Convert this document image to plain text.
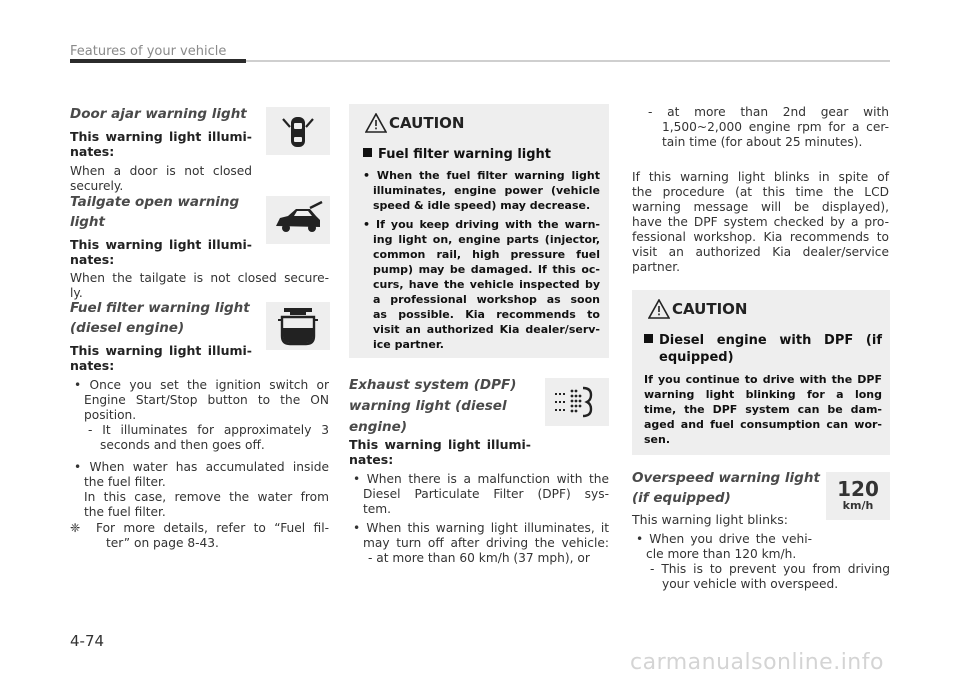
Features of your vehicle
Door ajar warning light
This warning light illumi-
nates:
When a door is not closed
securely.
Tailgate open warning
light
This warning light illumi-
nates:
When the tailgate is not closed secure-
ly.
Fuel filter warning light
(diesel engine)
This warning light illumi-
nates:
• Once you set the ignition switch or
Engine Start/Stop button to the ON
position.
- It illuminates for approximately 3
seconds and then goes off.
• When water has accumulated inside
the fuel filter.
In this case, remove the water from
the fuel filter.
❈ For more details, refer to “Fuel fil-
ter” on page 8-43.
CAUTION
Fuel filter warning light
• When the fuel filter warning light
illuminates, engine power (vehicle
speed & idle speed) may decrease.
• If you keep driving with the warn-
ing light on, engine parts (injector,
common rail, high pressure fuel
pump) may be damaged. If this oc-
curs, have the vehicle inspected by
a professional workshop as soon
as possible. Kia recommends to
visit an authorized Kia dealer/serv-
ice partner.
Exhaust system (DPF)
warning light (diesel
engine)
This warning light illumi-
nates:
• When there is a malfunction with the
Diesel Particulate Filter (DPF) sys-
tem.
• When this warning light illuminates, it
may turn off after driving the vehicle:
- at more than 60 km/h (37 mph), or
- at more than 2nd gear with
1,500~2,000 engine rpm for a cer-
tain time (for about 25 minutes).
If this warning light blinks in spite of
the procedure (at this time the LCD
warning message will be displayed),
have the DPF system checked by a pro-
fessional workshop. Kia recommends to
visit an authorized Kia dealer/service
partner.
CAUTION
Diesel engine with DPF (if
equipped)
If you continue to drive with the DPF
warning light blinking for a long
time, the DPF system can be dam-
aged and fuel consumption can wor-
sen.
Overspeed warning light
(if equipped)	120
km/h
This warning light blinks:
• When you drive the vehi-
cle more than 120 km/h.
- This is to prevent you from driving
your vehicle with overspeed.
4-74
carmanualsonline.info
